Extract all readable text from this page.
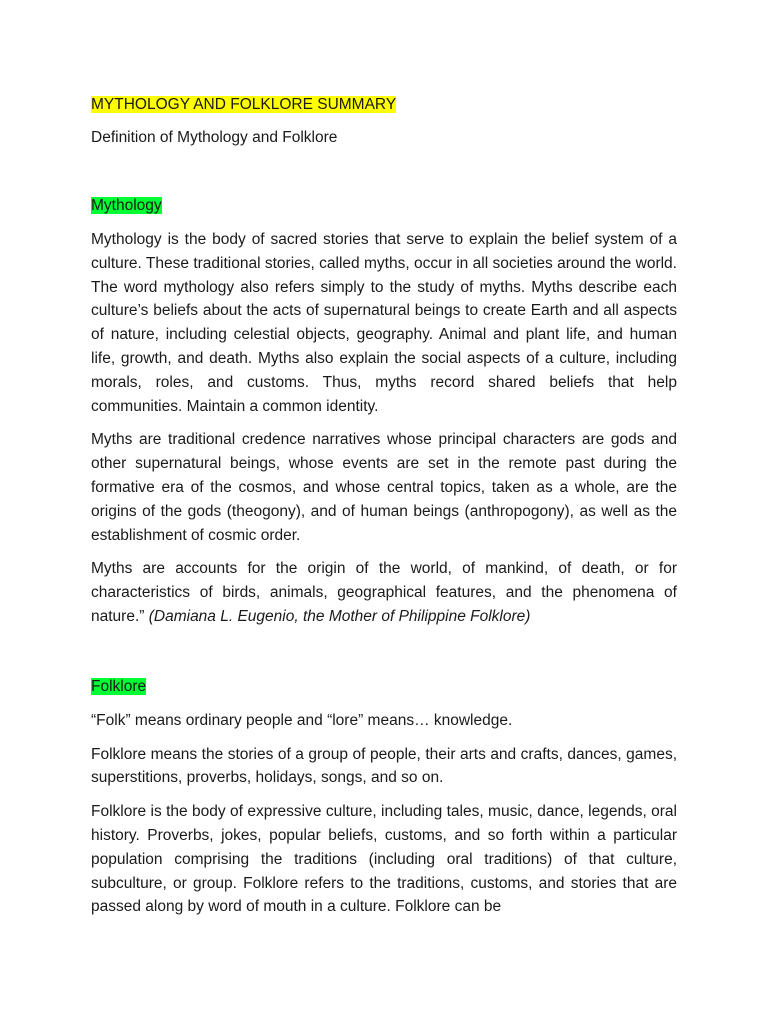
MYTHOLOGY AND FOLKLORE SUMMARY

Definition of Mythology and Folklore

Mythology

Mythology is the body of sacred stories that serve to explain the belief system of a culture. These traditional stories, called myths, occur in all societies around the world. The word mythology also refers simply to the study of myths. Myths describe each culture’s beliefs about the acts of supernatural beings to create Earth and all aspects of nature, including celestial objects, geography. Animal and plant life, and human life, growth, and death. Myths also explain the social aspects of a culture, including morals, roles, and customs. Thus, myths record shared beliefs that help communities. Maintain a common identity.

Myths are traditional credence narratives whose principal characters are gods and other supernatural beings, whose events are set in the remote past during the formative era of the cosmos, and whose central topics, taken as a whole, are the origins of the gods (theogony), and of human beings (anthropogony), as well as the establishment of cosmic order.

Myths are accounts for the origin of the world, of mankind, of death, or for characteristics of birds, animals, geographical features, and the phenomena of nature.” (Damiana L. Eugenio, the Mother of Philippine Folklore)

Folklore

“Folk” means ordinary people and “lore” means… knowledge.

Folklore means the stories of a group of people, their arts and crafts, dances, games, superstitions, proverbs, holidays, songs, and so on.

Folklore is the body of expressive culture, including tales, music, dance, legends, oral history. Proverbs, jokes, popular beliefs, customs, and so forth within a particular population comprising the traditions (including oral traditions) of that culture, subculture, or group. Folklore refers to the traditions, customs, and stories that are passed along by word of mouth in a culture. Folklore can be
